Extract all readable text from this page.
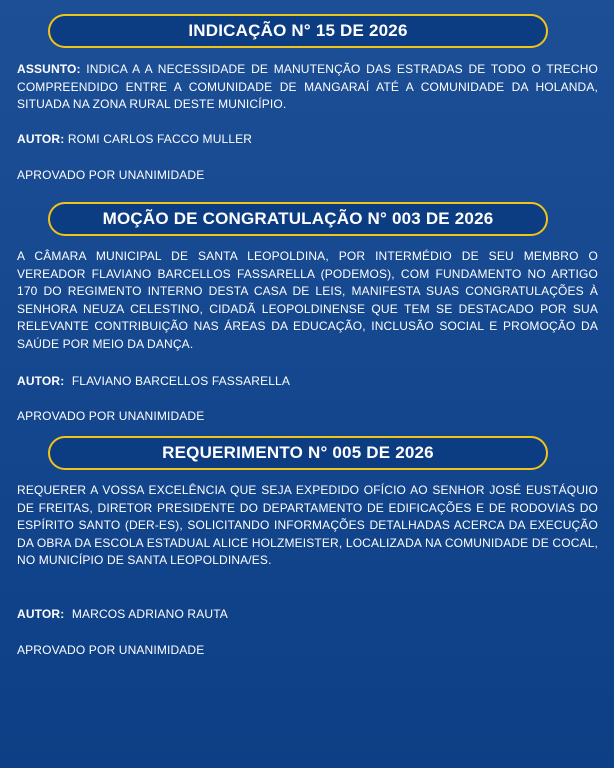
INDICAÇÃO N° 15 DE 2026
ASSUNTO: INDICA A A NECESSIDADE DE MANUTENÇÃO DAS ESTRADAS DE TODO O TRECHO COMPREENDIDO ENTRE A COMUNIDADE DE MANGARAÍ ATÉ A COMUNIDADE DA HOLANDA, SITUADA NA ZONA RURAL DESTE MUNICÍPIO.
AUTOR: ROMI CARLOS FACCO MULLER
APROVADO POR UNANIMIDADE
MOÇÃO DE CONGRATULAÇÃO N° 003 DE 2026
A CÂMARA MUNICIPAL DE SANTA LEOPOLDINA, POR INTERMÉDIO DE SEU MEMBRO O VEREADOR FLAVIANO BARCELLOS FASSARELLA (PODEMOS), COM FUNDAMENTO NO ARTIGO 170 DO REGIMENTO INTERNO DESTA CASA DE LEIS, MANIFESTA SUAS CONGRATULAÇÕES À SENHORA NEUZA CELESTINO, CIDADÃ LEOPOLDINENSE QUE TEM SE DESTACADO POR SUA RELEVANTE CONTRIBUIÇÃO NAS ÁREAS DA EDUCAÇÃO, INCLUSÃO SOCIAL E PROMOÇÃO DA SAÚDE POR MEIO DA DANÇA.
AUTOR: FLAVIANO BARCELLOS FASSARELLA
APROVADO POR UNANIMIDADE
REQUERIMENTO N° 005 DE 2026
REQUERER A VOSSA EXCELÊNCIA QUE SEJA EXPEDIDO OFÍCIO AO SENHOR JOSÉ EUSTÁQUIO DE FREITAS, DIRETOR PRESIDENTE DO DEPARTAMENTO DE EDIFICAÇÕES E DE RODOVIAS DO ESPÍRITO SANTO (DER-ES), SOLICITANDO INFORMAÇÕES DETALHADAS ACERCA DA EXECUÇÃO DA OBRA DA ESCOLA ESTADUAL ALICE HOLZMEISTER, LOCALIZADA NA COMUNIDADE DE COCAL, NO MUNICÍPIO DE SANTA LEOPOLDINA/ES.
AUTOR: MARCOS ADRIANO RAUTA
APROVADO POR UNANIMIDADE
